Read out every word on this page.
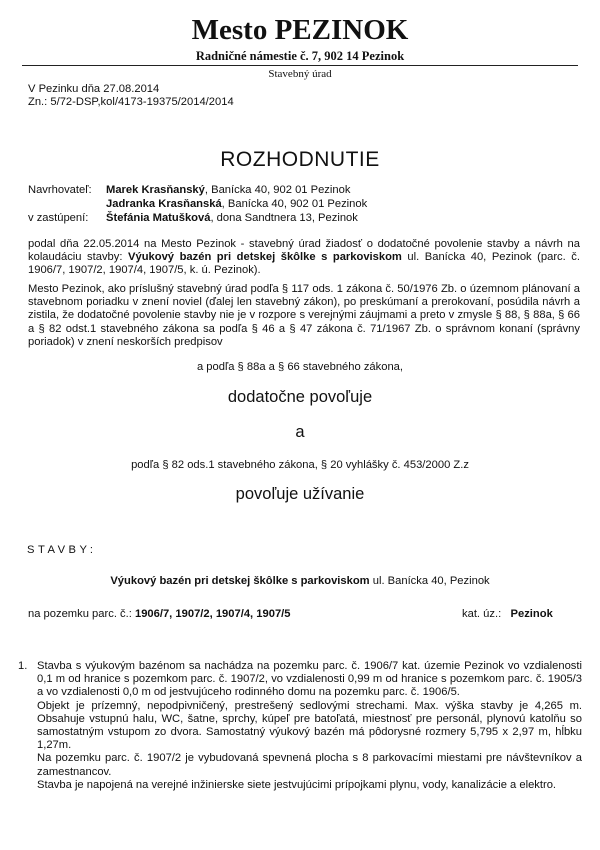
Mesto PEZINOK
Radničné námestie č. 7, 902 14 Pezinok
Stavebný úrad
V Pezinku dňa 27.08.2014
Zn.: 5/72-DSP,kol/4173-19375/2014/2014
ROZHODNUTIE
Navrhovateľ: Marek Krasňanský, Banícka 40, 902 01 Pezinok
Jadranka Krasňanská, Banícka 40, 902 01 Pezinok
v zastúpení: Štefánia Matušková, dona Sandtnera 13, Pezinok
podal dňa 22.05.2014 na Mesto Pezinok - stavebný úrad žiadosť o dodatočné povolenie stavby a návrh na kolaudáciu stavby: Výukový bazén pri detskej škôlke s parkoviskom ul. Banícka 40, Pezinok (parc. č. 1906/7, 1907/2, 1907/4, 1907/5, k. ú. Pezinok).
Mesto Pezinok, ako príslušný stavebný úrad podľa § 117 ods. 1 zákona č. 50/1976 Zb. o územnom plánovaní a stavebnom poriadku v znení noviel (ďalej len stavebný zákon), po preskúmaní a prerokovaní, posúdila návrh a zistila, že dodatočné povolenie stavby nie je v rozpore s verejnými záujmami a preto v zmysle § 88, § 88a, § 66 a § 82 odst.1 stavebného zákona sa podľa § 46 a § 47 zákona č. 71/1967 Zb. o správnom konaní (správny poriadok) v znení neskorších predpisov
a podľa § 88a a § 66 stavebného zákona,
dodatočne povoľuje
a
podľa § 82 ods.1 stavebného zákona, § 20 vyhlášky č. 453/2000 Z.z
povoľuje užívanie
STAVBY:
Výukový bazén pri detskej škôlke s parkoviskom ul. Banícka 40, Pezinok
na pozemku parc. č.: 1906/7, 1907/2, 1907/4, 1907/5	kat. úz.: Pezinok
1. Stavba s výukovým bazénom sa nachádza na pozemku parc. č. 1906/7 kat. územie Pezinok vo vzdialenosti 0,1 m od hranice s pozemkom parc. č. 1907/2, vo vzdialenosti 0,99 m od hranice s pozemkom parc. č. 1905/3 a vo vzdialenosti 0,0 m od jestvujúceho rodinného domu na pozemku parc. č. 1906/5.

Objekt je prízemný, nepodpivničený, prestrešený sedlovými strechami. Max. výška stavby je 4,265 m. Obsahuje vstupnú halu, WC, šatne, sprchy, kúpeľ pre batoľatá, miestnosť pre personál, plynovú katolňu so samostatným vstupom zo dvora. Samostatný výukový bazén má pôdorysné rozmery 5,795 x 2,97 m, hĺbku 1,27m.

Na pozemku parc. č. 1907/2 je vybudovaná spevnená plocha s 8 parkovacími miestami pre návštevníkov a zamestnancov.

Stavba je napojená na verejné inžinierske siete jestvujúcimi prípojkami plynu, vody, kanalizácie a elektro.
